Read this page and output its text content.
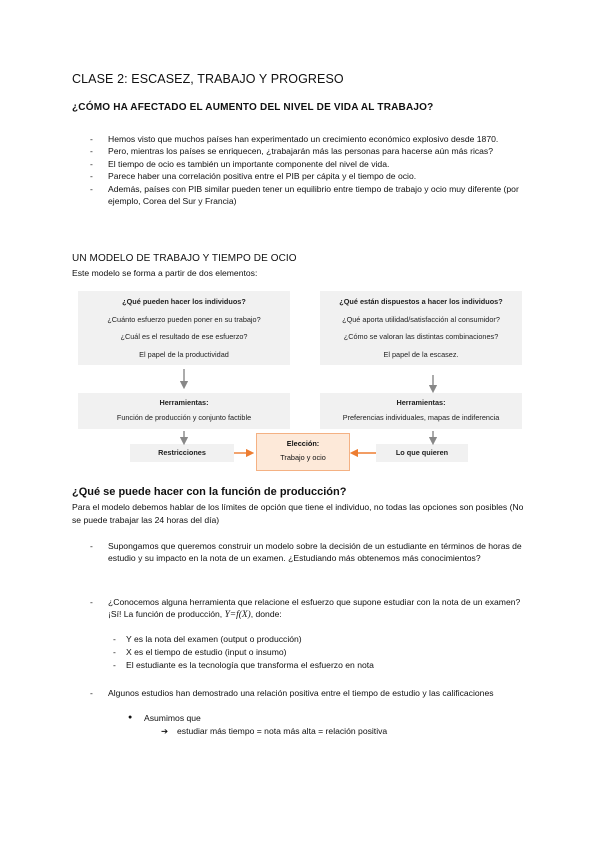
CLASE 2: ESCASEZ, TRABAJO Y PROGRESO
¿CÓMO HA AFECTADO EL AUMENTO DEL NIVEL DE VIDA AL TRABAJO?
- Hemos visto que muchos países han experimentado un crecimiento económico explosivo desde 1870.
- Pero, mientras los países se enriquecen, ¿trabajarán más las personas para hacerse aún más ricas?
- El tiempo de ocio es también un importante componente del nivel de vida.
- Parece haber una correlación positiva entre el PIB per cápita y el tiempo de ocio.
- Además, países con PIB similar pueden tener un equilibrio entre tiempo de trabajo y ocio muy diferente (por ejemplo, Corea del Sur y Francia)
UN MODELO DE TRABAJO Y TIEMPO DE OCIO
Este modelo se forma a partir de dos elementos:
¿Qué pueden hacer los individuos?
¿Cuánto esfuerzo pueden poner en su trabajo?
¿Cuál es el resultado de ese esfuerzo?
El papel de la productividad
¿Qué están dispuestos a hacer los individuos?
¿Qué aporta utilidad/satisfacción al consumidor?
¿Cómo se valoran las distintas combinaciones?
El papel de la escasez.
Herramientas:
Función de producción y conjunto factible
Herramientas:
Preferencias individuales, mapas de indiferencia
Restricciones	Lo que quieren
Elección:
Trabajo y ocio
¿Qué se puede hacer con la función de producción?
Para el modelo debemos hablar de los límites de opción que tiene el individuo, no todas las opciones son posibles (No se puede trabajar las 24 horas del día)
- Supongamos que queremos construir un modelo sobre la decisión de un estudiante en términos de horas de estudio y su impacto en la nota de un examen. ¿Estudiando más obtenemos más conocimientos?
- ¿Conocemos alguna herramienta que relacione el esfuerzo que supone estudiar con la nota de un examen?
¡Sí! La función de producción, Y=f(X), donde:
- Y es la nota del examen (output o producción)
- X es el tiempo de estudio (input o insumo)
- El estudiante es la tecnología que transforma el esfuerzo en nota
- Algunos estudios han demostrado una relación positiva entre el tiempo de estudio y las calificaciones
● Asumimos que
➔ estudiar más tiempo = nota más alta = relación positiva
